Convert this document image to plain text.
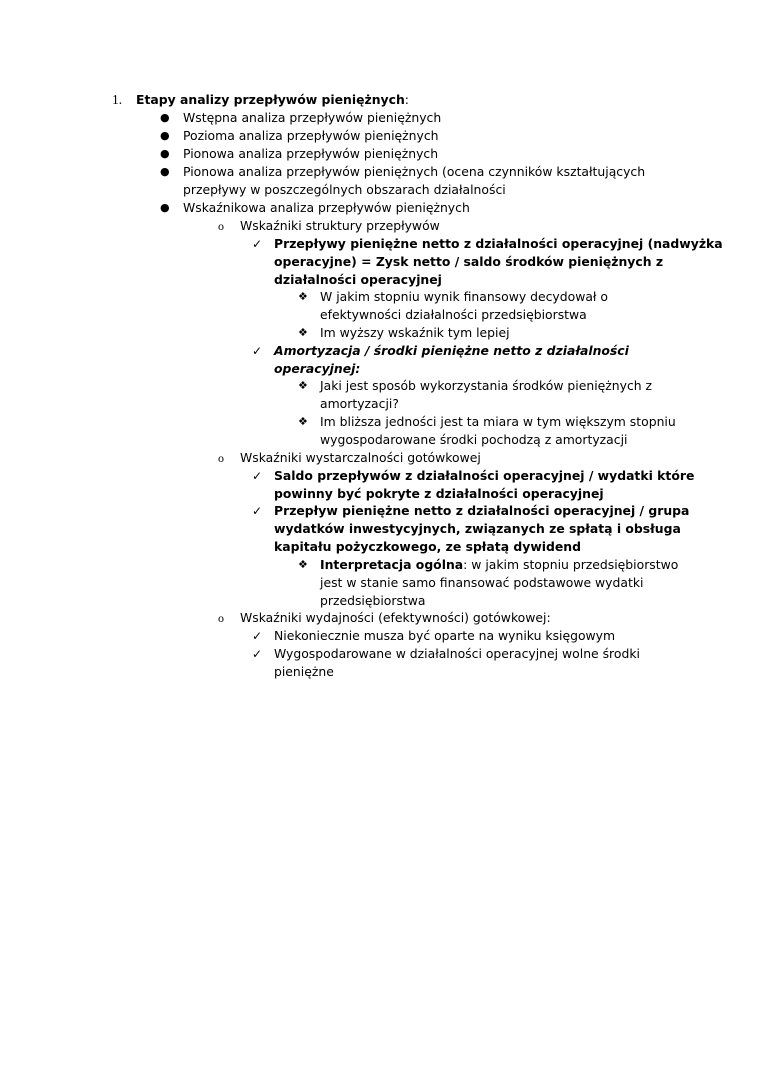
1. Etapy analizy przepływów pieniężnych:
● Wstępna analiza przepływów pieniężnych
● Pozioma analiza przepływów pieniężnych
● Pionowa analiza przepływów pieniężnych
● Pionowa analiza przepływów pieniężnych (ocena czynników kształtujących
przepływy w poszczególnych obszarach działalności
● Wskaźnikowa analiza przepływów pieniężnych
o Wskaźniki struktury przepływów
✓ Przepływy pieniężne netto z działalności operacyjnej (nadwyżka
operacyjne) = Zysk netto / saldo środków pieniężnych z
działalności operacyjnej
❖ W jakim stopniu wynik finansowy decydował o
efektywności działalności przedsiębiorstwa
❖ Im wyższy wskaźnik tym lepiej
✓ Amortyzacja / środki pieniężne netto z działalności
operacyjnej:
❖ Jaki jest sposób wykorzystania środków pieniężnych z
amortyzacji?
❖ Im bliższa jedności jest ta miara w tym większym stopniu
wygospodarowane środki pochodzą z amortyzacji
o Wskaźniki wystarczalności gotówkowej
✓ Saldo przepływów z działalności operacyjnej / wydatki które
powinny być pokryte z działalności operacyjnej
✓ Przepływ pieniężne netto z działalności operacyjnej / grupa
wydatków inwestycyjnych, związanych ze spłatą i obsługa
kapitału pożyczkowego, ze spłatą dywidend
❖ Interpretacja ogólna: w jakim stopniu przedsiębiorstwo
jest w stanie samo finansować podstawowe wydatki
przedsiębiorstwa
o Wskaźniki wydajności (efektywności) gotówkowej:
✓ Niekoniecznie musza być oparte na wyniku księgowym
✓ Wygospodarowane w działalności operacyjnej wolne środki
pieniężne
